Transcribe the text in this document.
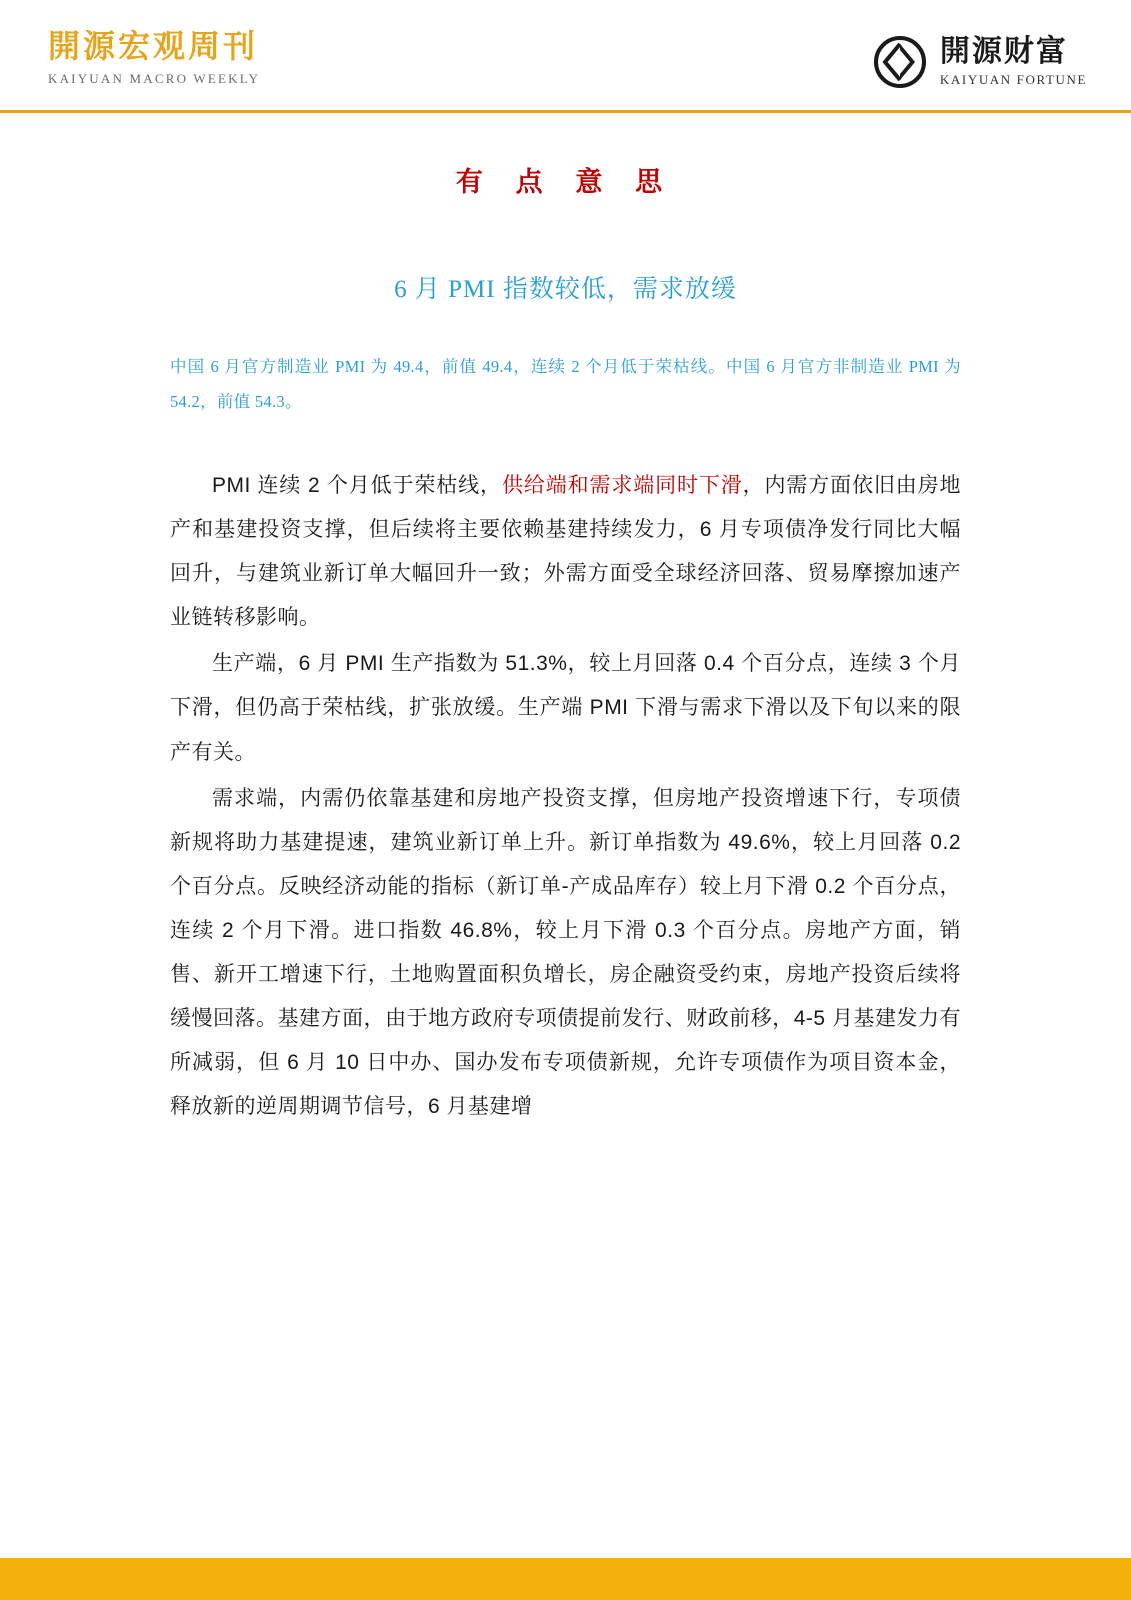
開源宏观周刊
KAIYUAN MACRO WEEKLY
開源财富
KAIYUAN FORTUNE
有 点 意 思
6 月 PMI 指数较低，需求放缓
中国 6 月官方制造业 PMI 为 49.4，前值 49.4，连续 2 个月低于荣枯线。中国 6 月官方非制造业 PMI 为 54.2，前值 54.3。

PMI 连续 2 个月低于荣枯线，供给端和需求端同时下滑，内需方面依旧由房地产和基建投资支撑，但后续将主要依赖基建持续发力，6 月专项债净发行同比大幅回升，与建筑业新订单大幅回升一致；外需方面受全球经济回落、贸易摩擦加速产业链转移影响。

生产端，6 月 PMI 生产指数为 51.3%，较上月回落 0.4 个百分点，连续 3 个月下滑，但仍高于荣枯线，扩张放缓。生产端 PMI 下滑与需求下滑以及下旬以来的限产有关。

需求端，内需仍依靠基建和房地产投资支撑，但房地产投资增速下行，专项债新规将助力基建提速，建筑业新订单上升。新订单指数为 49.6%，较上月回落 0.2 个百分点。反映经济动能的指标（新订单-产成品库存）较上月下滑 0.2 个百分点，连续 2 个月下滑。进口指数 46.8%，较上月下滑 0.3 个百分点。房地产方面，销售、新开工增速下行，土地购置面积负增长，房企融资受约束，房地产投资后续将缓慢回落。基建方面，由于地方政府专项债提前发行、财政前移，4-5 月基建发力有所减弱，但 6 月 10 日中办、国办发布专项债新规，允许专项债作为项目资本金，释放新的逆周期调节信号，6 月基建增
